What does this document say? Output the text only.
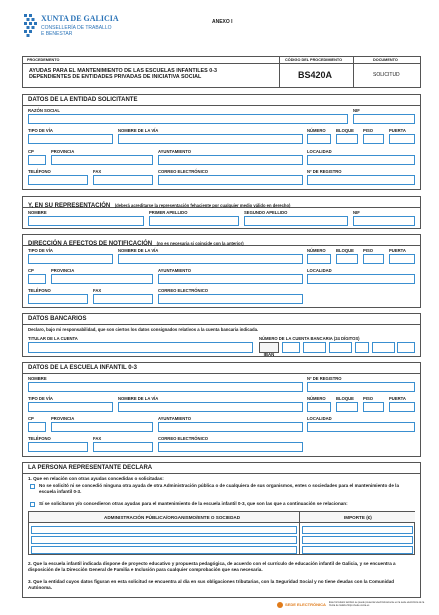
XUNTA DE GALICIA
CONSELLERÍA DE TRABALLO
E BENESTAR
ANEXO I
PROCEDEMENTO	CÓDIGO DEL PROCEDIMIENTO	DOCUMENTO
AYUDAS PARA EL MANTENIMIENTO DE LAS ESCUELAS INFANTILES 0-3 DEPENDIENTES DE ENTIDADES PRIVADAS DE INICIATIVA SOCIAL	BS420A	SOLICITUD
DATOS DE LA ENTIDAD SOLICITANTE
RAZÓN SOCIAL	NIF
TIPO DE VÍA	NOMBRE DE LA VÍA	NÚMERO BLOQUE PISO	PUERTA
CP	PROVINCIA	AYUNTAMIENTO	LOCALIDAD
TELÉFONO	FAX	CORREO ELECTRÓNICO	Nº DE REGISTRO
Y, EN SU REPRESENTACIÓN (deberá acreditarse la representación fehaciente por cualquier medio válido en derecho)
NOMBRE	PRIMER APELLIDO	SEGUNDO APELLIDO	NIF
DIRECCIÓN A EFECTOS DE NOTIFICACIÓN (no es necesaria si coincide con la anterior)
TIPO DE VÍA	NOMBRE DE LA VÍA	NÚMERO BLOQUE PISO	PUERTA
CP	PROVINCIA	AYUNTAMIENTO	LOCALIDAD
TELÉFONO	FAX	CORREO ELECTRÓNICO
DATOS BANCARIOS
Declaro, bajo mi responsabilidad, que son ciertos los datos consignados relativos a la cuenta bancaria indicada.
TITULAR DE LA CUENTA	NÚMERO DE LA CUENTA BANCARIA (24 DÍGITOS)
IBAN
DATOS DE LA ESCUELA INFANTIL 0-3
NOMBRE	Nº DE REGISTRO
TIPO DE VÍA	NOMBRE DE LA VÍA	NÚMERO BLOQUE PISO	PUERTA
CP	PROVINCIA	AYUNTAMIENTO	LOCALIDAD
TELÉFONO	FAX	CORREO ELECTRÓNICO
LA PERSONA REPRESENTANTE DECLARA
1. Que en relación con otras ayudas concedidas o solicitadas:
No se solicitó ni se concedió ninguna otra ayuda de otra Administración pública o de cualquiera de sus organismos, entes o sociedades para el mantenimiento de la escuela infantil 0-3.
Sí se solicitaron y/o concedieron otras ayudas para el mantenimiento de la escuela infantil 0-3, que son las que a continuación se relacionan:
ADMINISTRACIÓN PÚBLICA/ORGANISMO/ENTE O SOCIEDAD	IMPORTE (€)
2. Que la escuela infantil indicada dispone de proyecto educativo y propuesta pedagógica, de acuerdo con el currículo de educación infantil de Galicia, y se encuentra a disposición de la Dirección General de Familia e Inclusión para cualquier comprobación que sea necesaria.
3. Que la entidad cuyos datos figuran en esta solicitud se encuentra al día en sus obligaciones tributarias, con la Seguridad Social y no tiene deudas con la Comunidad Autónoma.
SEDE ELECTRÓNICA Este formulario también se puede presentar electrónicamente en la sede electrónica de la Xunta de Galicia https://sede.xunta.es
